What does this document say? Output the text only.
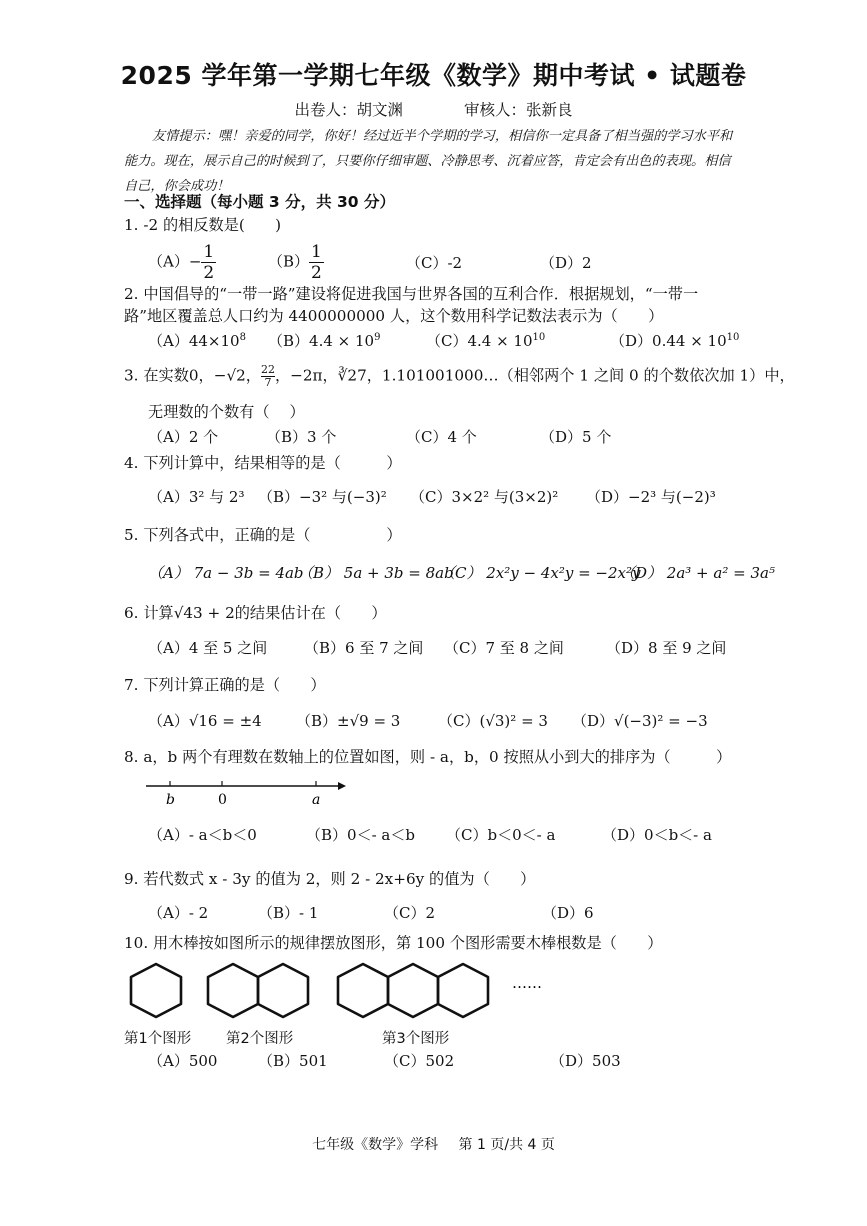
2025 学年第一学期七年级《数学》期中考试 • 试题卷
出卷人：胡文渊	审核人：张新良
友情提示：嘿！亲爱的同学，你好！经过近半个学期的学习，相信你一定具备了相当强的学习水平和
能力。现在，展示自己的时候到了，只要你仔细审题、冷静思考、沉着应答，肯定会有出色的表现。相信
自己，你会成功！
一、选择题（每小题 3 分，共 30 分）
1. -2 的相反数是(　　)
$(A)- \frac{1}{2}$	$(B) \frac{1}{2}$	（C）-2	（D）2
2. 中国倡导的“一带一路”建设将促进我国与世界各国的互利合作．根据规划，“一带一
路”地区覆盖总人口约为 4400000000 人，这个数用科学记数法表示为（　　）
$(A)44\times 10^8$ $(B)4.4 \times 10^9$	$(C)4.4 \times 10^{10}$	$(D)0.44 \times 10^{10}$
3. 在实数0，−√2， $\frac{22}{7}$，−2π，∛27，1.101001000…（相邻两个 1 之间 0 的个数依次加 1）中，
无理数的个数有（　 ）
（A）2 个	（B）3 个	（C）4 个	（D）5 个
4. 下列计算中，结果相等的是（　　　）
（A）3² 与 2³ （B）−3² 与(−3)² （C）3×2² 与(3×2)² （D）−2³ 与(−2)³
5. 下列各式中，正确的是（　　　　　）
（A） 7a − 3b = 4ab
（B） 5a + 3b = 8ab
（C） 2x²y − 4x²y = −2x²y
（D） 2a³ + a² = 3a⁵
6. 计算√43 + 2的结果估计在（　　）
（A）4 至 5 之间 （B）6 至 7 之间 （C）7 至 8 之间	（D）8 至 9 之间
7. 下列计算正确的是（　　）
（A）√16 = ±4 （B）±√9 = 3	（C）(√3)² = 3 （D）√(−3)² = −3
8. a，b 两个有理数在数轴上的位置如图，则 - a，b，0 按照从小到大的排序为（　　　）
b	0	a
（A）- a＜b＜0	（B）0＜- a＜b （C）b＜0＜- a	（D）0＜b＜- a
9. 若代数式 x - 3y 的值为 2，则 2 - 2x+6y 的值为（　　）
（A）- 2	（B）- 1	（C）2	（D）6
10. 用木棒按如图所示的规律摆放图形，第 100 个图形需要木棒根数是（　　）
……
第1个图形 第2个图形	第3个图形
（A）500	（B）501	（C）502	（D）503
七年级《数学》学科 第 1 页/共 4 页
